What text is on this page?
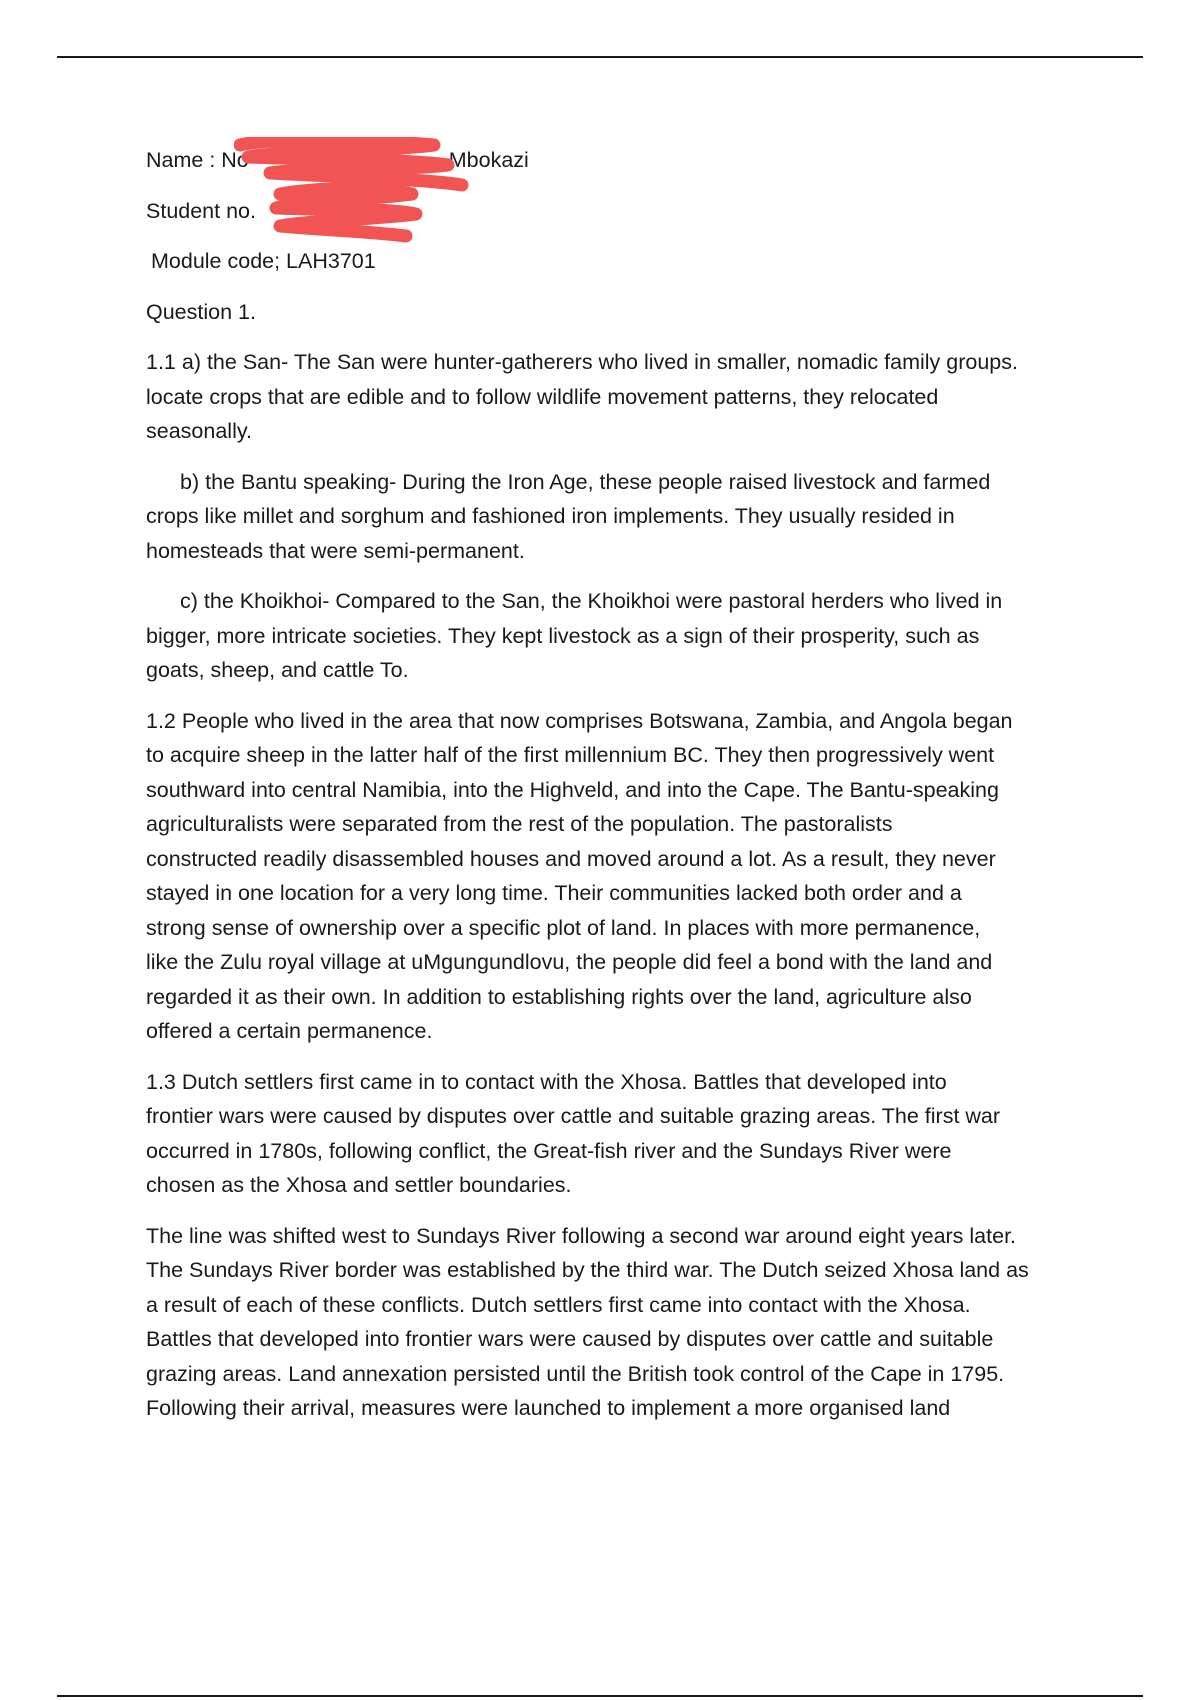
Name : No	Mbokazi
Student no.
Module code; LAH3701
Question 1.
1.1 a) the San- The San were hunter-gatherers who lived in smaller, nomadic family groups.
locate crops that are edible and to follow wildlife movement patterns, they relocated
seasonally.
b) the Bantu speaking- During the Iron Age, these people raised livestock and farmed
crops like millet and sorghum and fashioned iron implements. They usually resided in
homesteads that were semi-permanent.
c) the Khoikhoi- Compared to the San, the Khoikhoi were pastoral herders who lived in
bigger, more intricate societies. They kept livestock as a sign of their prosperity, such as
goats, sheep, and cattle To.
1.2 People who lived in the area that now comprises Botswana, Zambia, and Angola began
to acquire sheep in the latter half of the first millennium BC. They then progressively went
southward into central Namibia, into the Highveld, and into the Cape. The Bantu-speaking
agriculturalists were separated from the rest of the population. The pastoralists
constructed readily disassembled houses and moved around a lot. As a result, they never
stayed in one location for a very long time. Their communities lacked both order and a
strong sense of ownership over a specific plot of land. In places with more permanence,
like the Zulu royal village at uMgungundlovu, the people did feel a bond with the land and
regarded it as their own. In addition to establishing rights over the land, agriculture also
offered a certain permanence.
1.3 Dutch settlers first came in to contact with the Xhosa. Battles that developed into
frontier wars were caused by disputes over cattle and suitable grazing areas. The first war
occurred in 1780s, following conflict, the Great-fish river and the Sundays River were
chosen as the Xhosa and settler boundaries.
The line was shifted west to Sundays River following a second war around eight years later.
The Sundays River border was established by the third war. The Dutch seized Xhosa land as
a result of each of these conflicts. Dutch settlers first came into contact with the Xhosa.
Battles that developed into frontier wars were caused by disputes over cattle and suitable
grazing areas. Land annexation persisted until the British took control of the Cape in 1795.
Following their arrival, measures were launched to implement a more organised land
